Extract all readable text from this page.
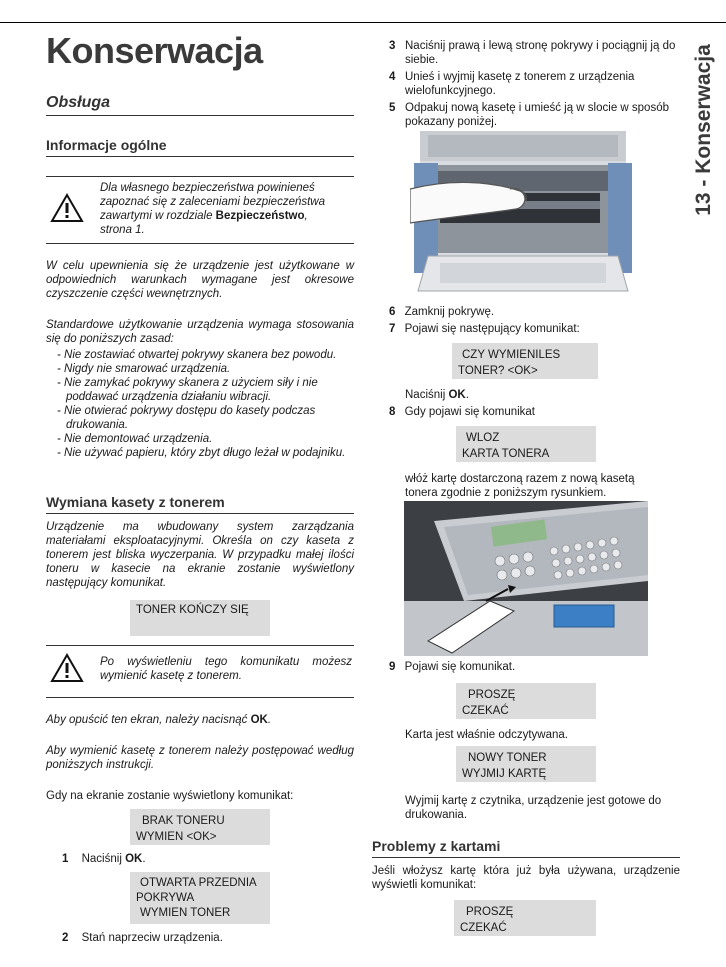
Konserwacja	13 - Konserwacja
Obsługa
Informacje ogólne
Dla własnego bezpieczeństwa powinieneś
zapoznać się z zaleceniami bezpieczeństwa
zawartymi w rozdziale Bezpieczeństwo,
strona 1.
W celu upewnienia się że urządzenie jest użytkowane w odpowiednich warunkach wymagane jest okresowe czyszczenie części wewnętrznych.
Standardowe użytkowanie urządzenia wymaga stosowania się do poniższych zasad:
- Nie zostawiać otwartej pokrywy skanera bez powodu.
- Nigdy nie smarować urządzenia.
- Nie zamykać pokrywy skanera z użyciem siły i nie poddawać urządzenia działaniu wibracji.
- Nie otwierać pokrywy dostępu do kasety podczas drukowania.
- Nie demontować urządzenia.
- Nie używać papieru, który zbyt długo leżał w podajniku.
Wymiana kasety z tonerem
Urządzenie ma wbudowany system zarządzania materiałami eksploatacyjnymi. Określa on czy kaseta z tonerem jest bliska wyczerpania. W przypadku małej ilości toneru w kasecie na ekranie zostanie wyświetlony następujący komunikat.
TONER KOŃCZY SIĘ
Po wyświetleniu tego komunikatu możesz wymienić kasetę z tonerem.
Aby opuścić ten ekran, należy nacisnąć OK.
Aby wymienić kasetę z tonerem należy postępować według poniższych instrukcji.
Gdy na ekranie zostanie wyświetlony komunikat:
BRAK TONERU
WYMIEN <OK>
1 Naciśnij OK.
OTWARTA PRZEDNIA
POKRYWA
WYMIEN TONER
2 Stań naprzeciw urządzenia.
3 Naciśnij prawą i lewą stronę pokrywy i pociągnij ją do siebie.
4 Unieś i wyjmij kasetę z tonerem z urządzenia wielofunkcyjnego.
5 Odpakuj nową kasetę i umieść ją w slocie w sposób pokazany poniżej.
6 Zamknij pokrywę.
7 Pojawi się następujący komunikat:
CZY WYMIENILES
TONER? <OK>
Naciśnij OK.
8 Gdy pojawi się komunikat
WLOZ
KARTA TONERA
włóż kartę dostarczoną razem z nową kasetą tonera zgodnie z poniższym rysunkiem.
9 Pojawi się komunikat.
PROSZĘ
CZEKAĆ
Karta jest właśnie odczytywana.
NOWY TONER
WYJMIJ KARTĘ
Wyjmij kartę z czytnika, urządzenie jest gotowe do drukowania.
Problemy z kartami
Jeśli włożysz kartę która już była używana, urządzenie wyświetli komunikat:
PROSZĘ
CZEKAĆ
